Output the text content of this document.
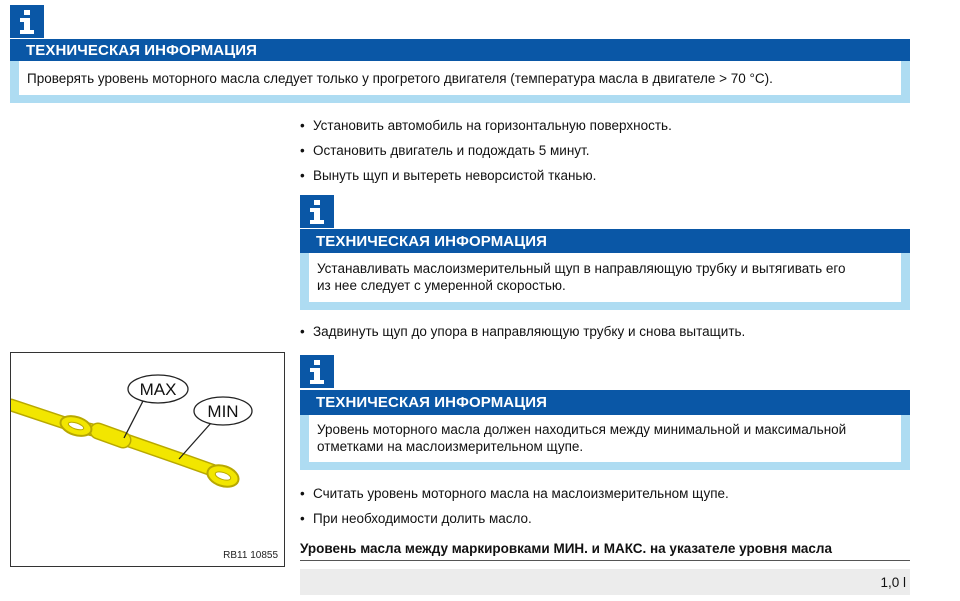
ТЕХНИЧЕСКАЯ ИНФОРМАЦИЯ
Проверять уровень моторного масла следует только у прогретого двигателя (температура масла в двигателе > 70 °C).
• Установить автомобиль на горизонтальную поверхность.
• Остановить двигатель и подождать 5 минут.
• Вынуть щуп и вытереть неворсистой тканью.
ТЕХНИЧЕСКАЯ ИНФОРМАЦИЯ
Устанавливать маслоизмерительный щуп в направляющую трубку и вытягивать его
из нее следует с умеренной скоростью.
• Задвинуть щуп до упора в направляющую трубку и снова вытащить.
MAX
MIN
RB11 10855
ТЕХНИЧЕСКАЯ ИНФОРМАЦИЯ
Уровень моторного масла должен находиться между минимальной и максимальной
отметками на маслоизмерительном щупе.
• Считать уровень моторного масла на маслоизмерительном щупе.
• При необходимости долить масло.
Уровень масла между маркировками МИН. и МАКС. на указателе уровня масла
1,0 l
